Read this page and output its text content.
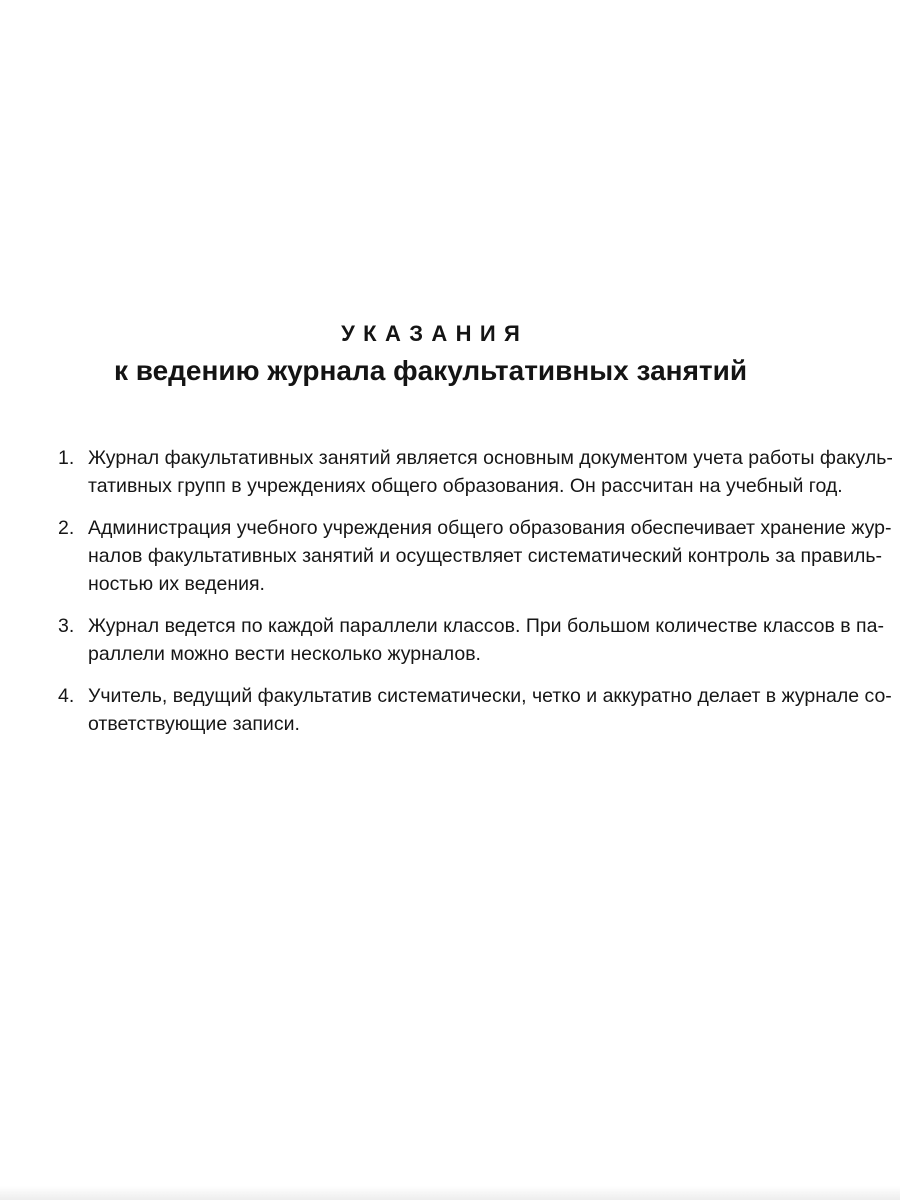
УКАЗАНИЯ
к ведению журнала факультативных занятий
1. Журнал факультативных занятий является основным документом учета работы факуль-
тативных групп в учреждениях общего образования. Он рассчитан на учебный год.
2. Администрация учебного учреждения общего образования обеспечивает хранение жур-
налов факультативных занятий и осуществляет систематический контроль за правиль-
ностью их ведения.
3. Журнал ведется по каждой параллели классов. При большом количестве классов в па-
раллели можно вести несколько журналов.
4. Учитель, ведущий факультатив систематически, четко и аккуратно делает в журнале со-
ответствующие записи.
